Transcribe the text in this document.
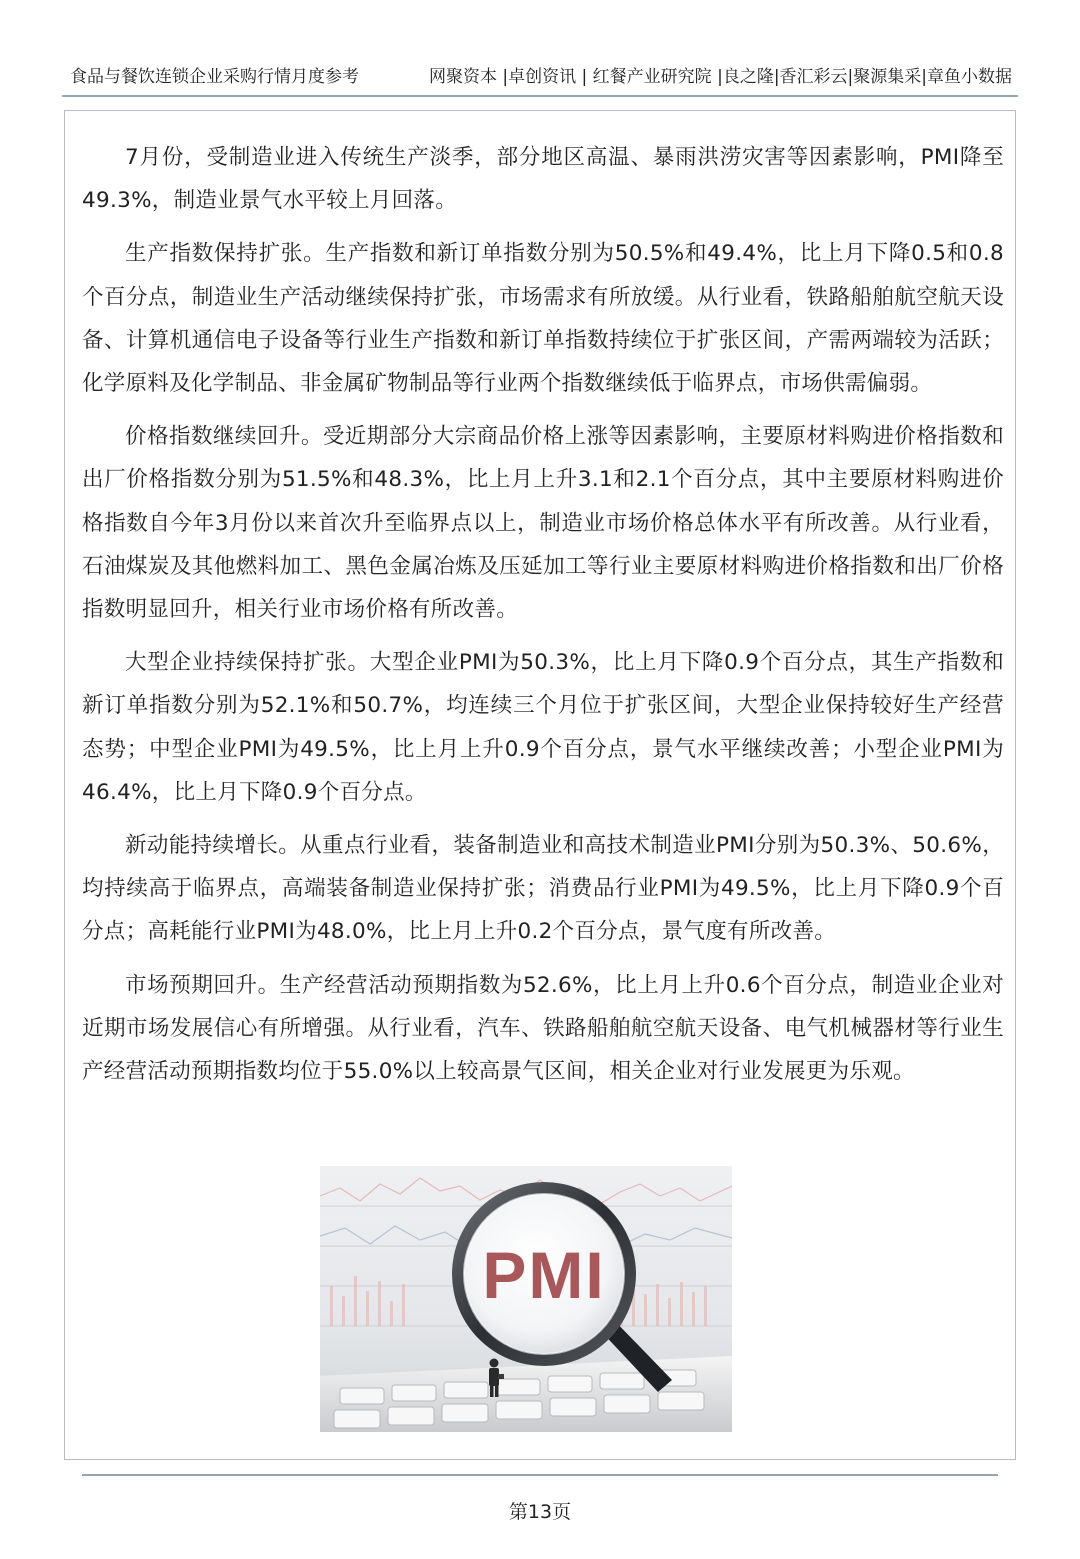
食品与餐饮连锁企业采购行情月度参考	网聚资本 |卓创资讯 | 红餐产业研究院 |良之隆|香汇彩云|聚源集采|章鱼小数据

7月份，受制造业进入传统生产淡季，部分地区高温、暴雨洪涝灾害等因素影响，PMI降至49.3%，制造业景气水平较上月回落。

生产指数保持扩张。生产指数和新订单指数分别为50.5%和49.4%，比上月下降0.5和0.8个百分点，制造业生产活动继续保持扩张，市场需求有所放缓。从行业看，铁路船舶航空航天设备、计算机通信电子设备等行业生产指数和新订单指数持续位于扩张区间，产需两端较为活跃；化学原料及化学制品、非金属矿物制品等行业两个指数继续低于临界点，市场供需偏弱。

价格指数继续回升。受近期部分大宗商品价格上涨等因素影响，主要原材料购进价格指数和出厂价格指数分别为51.5%和48.3%，比上月上升3.1和2.1个百分点，其中主要原材料购进价格指数自今年3月份以来首次升至临界点以上，制造业市场价格总体水平有所改善。从行业看，石油煤炭及其他燃料加工、黑色金属冶炼及压延加工等行业主要原材料购进价格指数和出厂价格指数明显回升，相关行业市场价格有所改善。

大型企业持续保持扩张。大型企业PMI为50.3%，比上月下降0.9个百分点，其生产指数和新订单指数分别为52.1%和50.7%，均连续三个月位于扩张区间，大型企业保持较好生产经营态势；中型企业PMI为49.5%，比上月上升0.9个百分点，景气水平继续改善；小型企业PMI为46.4%，比上月下降0.9个百分点。

新动能持续增长。从重点行业看，装备制造业和高技术制造业PMI分别为50.3%、50.6%，均持续高于临界点，高端装备制造业保持扩张；消费品行业PMI为49.5%，比上月下降0.9个百分点；高耗能行业PMI为48.0%，比上月上升0.2个百分点，景气度有所改善。

市场预期回升。生产经营活动预期指数为52.6%，比上月上升0.6个百分点，制造业企业对近期市场发展信心有所增强。从行业看，汽车、铁路船舶航空航天设备、电气机械器材等行业生产经营活动预期指数均位于55.0%以上较高景气区间，相关企业对行业发展更为乐观。

PMI
第13页
